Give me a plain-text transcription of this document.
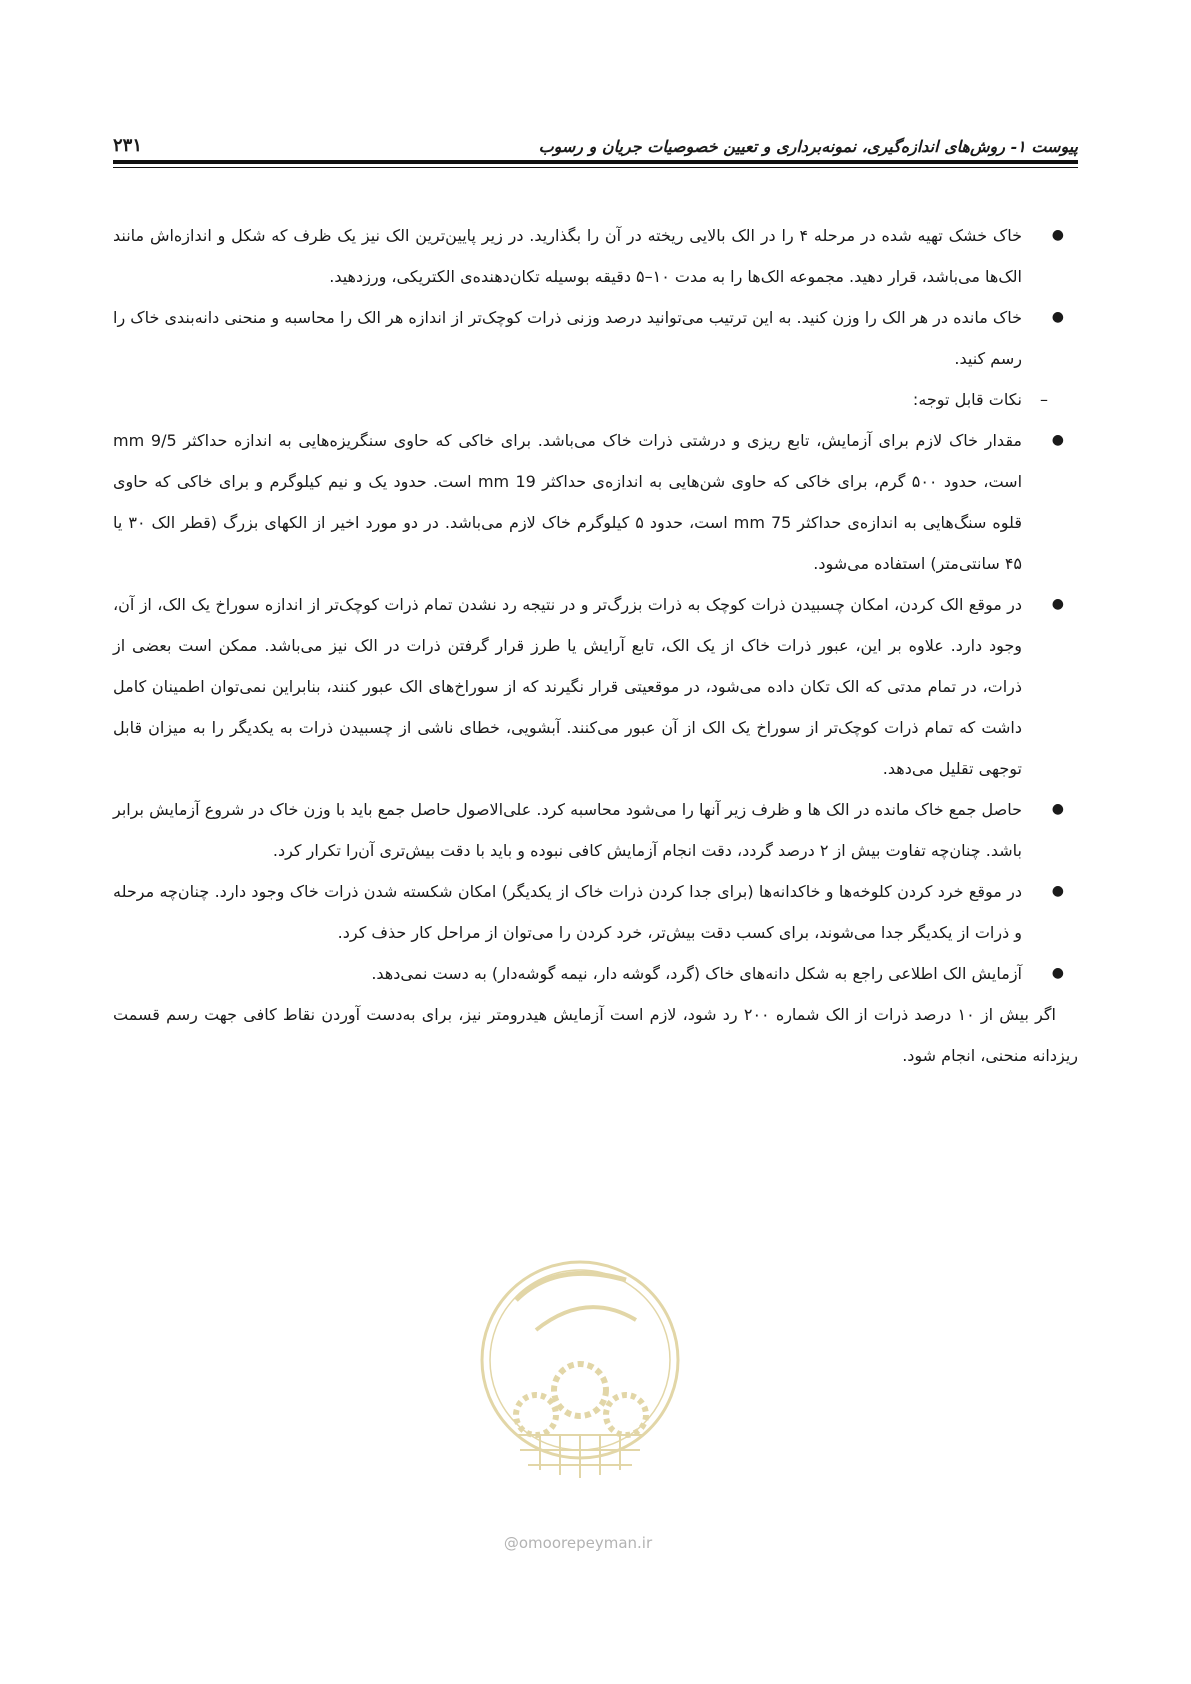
پیوست ۱- روش‌های اندازه‌گیری، نمونه‌برداری و تعیین خصوصیات جریان و رسوب
۲۳۱

●
خاک خشک تهیه شده در مرحله ۴ را در الک بالایی ریخته در آن را بگذارید. در زیر پایین‌ترین الک نیز یک ظرف که شکل و اندازه‌اش مانند الک‌ها می‌باشد، قرار دهید. مجموعه الک‌ها را به مدت ۱۰–۵ دقیقه بوسیله تکان‌دهنده‌ی الکتریکی، ورزدهید.

●
خاک مانده در هر الک را وزن کنید. به این ترتیب می‌توانید درصد وزنی ذرات کوچک‌تر از اندازه هر الک را محاسبه و منحنی دانه‌بندی خاک را رسم کنید.

–
نکات قابل توجه:

●
مقدار خاک لازم برای آزمایش، تابع ریزی و درشتی ذرات خاک می‌باشد. برای خاکی که حاوی سنگریزه‌هایی به اندازه حداکثر 9/5 mm است، حدود ۵۰۰ گرم، برای خاکی که حاوی شن‌هایی به اندازه‌ی حداکثر 19 mm است. حدود یک و نیم کیلوگرم و برای خاکی که حاوی قلوه سنگ‌هایی به اندازه‌ی حداکثر 75 mm است، حدود ۵ کیلوگرم خاک لازم می‌باشد. در دو مورد اخیر از الکهای بزرگ (قطر الک ۳۰ یا ۴۵ سانتی‌متر) استفاده می‌شود.

●
در موقع الک کردن، امکان چسبیدن ذرات کوچک به ذرات بزرگ‌تر و در نتیجه رد نشدن تمام ذرات کوچک‌تر از اندازه سوراخ یک الک، از آن، وجود دارد. علاوه بر این، عبور ذرات خاک از یک الک، تابع آرایش یا طرز قرار گرفتن ذرات در الک نیز می‌باشد. ممکن است بعضی از ذرات، در تمام مدتی که الک تکان داده می‌شود، در موقعیتی قرار نگیرند که از سوراخ‌های الک عبور کنند، بنابراین نمی‌توان اطمینان کامل داشت که تمام ذرات کوچک‌تر از سوراخ یک الک از آن عبور می‌کنند. آبشویی، خطای ناشی از چسبیدن ذرات به یکدیگر را به میزان قابل توجهی تقلیل می‌دهد.

●
حاصل جمع خاک مانده در الک ها و ظرف زیر آنها را می‌شود محاسبه کرد. علی‌الاصول حاصل جمع باید با وزن خاک در شروع آزمایش برابر باشد. چنان‌چه تفاوت بیش از ۲ درصد گردد، دقت انجام آزمایش کافی نبوده و باید با دقت بیش‌تری آن‌را تکرار کرد.

●
در موقع خرد کردن کلوخه‌ها و خاکدانه‌ها (برای جدا کردن ذرات خاک از یکدیگر) امکان شکسته شدن ذرات خاک وجود دارد. چنان‌چه مرحله و ذرات از یکدیگر جدا می‌شوند، برای کسب دقت بیش‌تر، خرد کردن را می‌توان از مراحل کار حذف کرد.

●
آزمایش الک اطلاعی راجع به شکل دانه‌های خاک (گرد، گوشه دار، نیمه گوشه‌دار) به دست نمی‌دهد.

اگر بیش از ۱۰ درصد ذرات از الک شماره ۲۰۰ رد شود، لازم است آزمایش هیدرومتر نیز، برای به‌دست آوردن نقاط کافی جهت رسم قسمت ریزدانه منحنی، انجام شود.

@omoorepeyman.ir
